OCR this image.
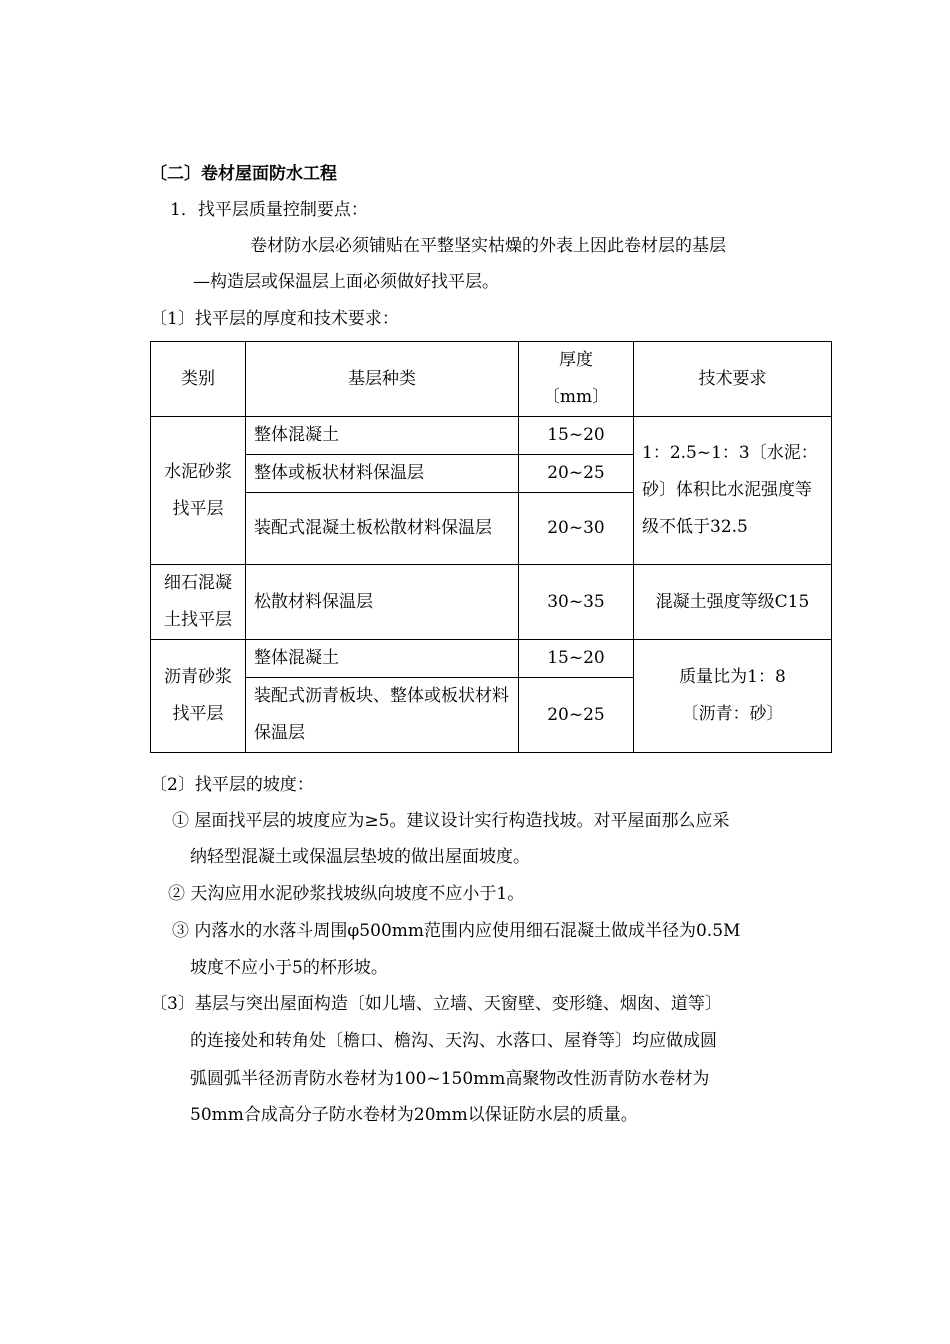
〔二〕卷材屋面防水工程
1．找平层质量控制要点：
卷材防水层必须铺贴在平整坚实枯燥的外表上因此卷材层的基层
—构造层或保温层上面必须做好找平层。
〔1〕找平层的厚度和技术要求：
类别	基层种类	厚度〔mm〕	技术要求
水泥砂浆找平层	整体混凝土	15~20	1：2.5~1：3〔水泥：砂〕体积比水泥强度等级不低于32.5
	整体或板状材料保温层	20~25	
	装配式混凝土板松散材料保温层	20~30	
细石混凝土找平层	松散材料保温层	30~35	混凝土强度等级C15
沥青砂浆找平层	整体混凝土	15~20	质量比为1：8〔沥青：砂〕
	装配式沥青板块、整体或板状材料保温层	20~25	
〔2〕找平层的坡度：
① 屋面找平层的坡度应为≥5。建议设计实行构造找坡。对平屋面那么应采
纳轻型混凝土或保温层垫坡的做出屋面坡度。
② 天沟应用水泥砂浆找坡纵向坡度不应小于1。
③ 内落水的水落斗周围φ500mm范围内应使用细石混凝土做成半径为0.5M
坡度不应小于5的杯形坡。
〔3〕基层与突出屋面构造〔如儿墙、立墙、天窗壁、变形缝、烟囱、道等〕
的连接处和转角处〔檐口、檐沟、天沟、水落口、屋脊等〕均应做成圆
弧圆弧半径沥青防水卷材为100~150mm高聚物改性沥青防水卷材为
50mm合成高分子防水卷材为20mm以保证防水层的质量。
